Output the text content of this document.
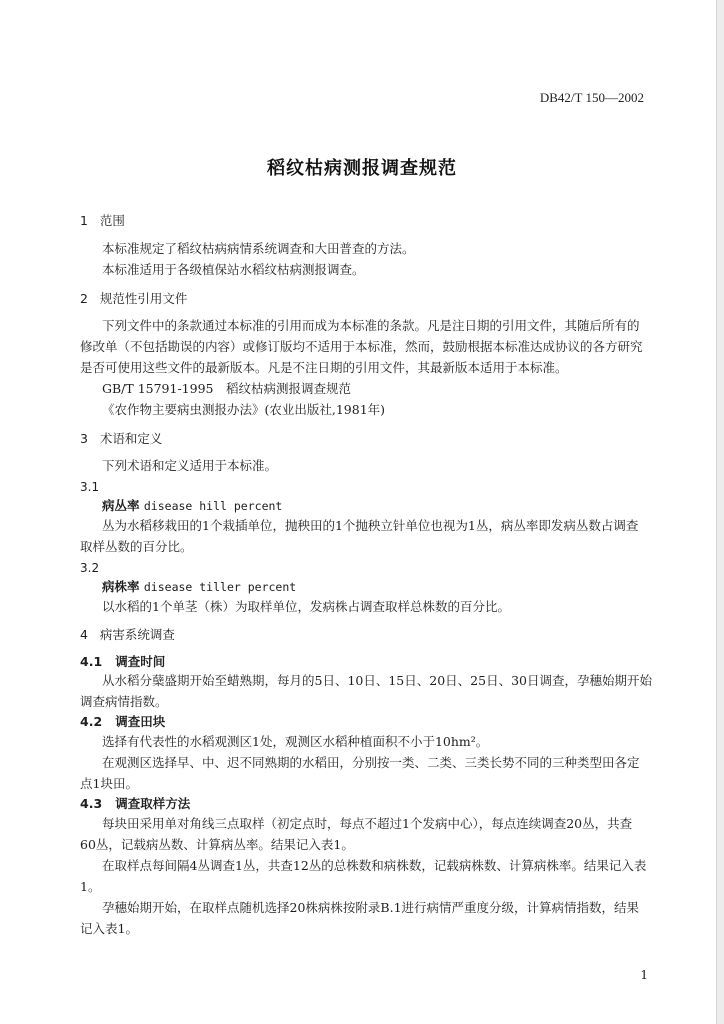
DB42/T 150—2002
稻纹枯病测报调查规范
1 范围
本标准规定了稻纹枯病病情系统调查和大田普查的方法。
本标准适用于各级植保站水稻纹枯病测报调查。
2 规范性引用文件
下列文件中的条款通过本标准的引用而成为本标准的条款。凡是注日期的引用文件，其随后所有的
修改单（不包括勘误的内容）或修订版均不适用于本标准，然而，鼓励根据本标准达成协议的各方研究
是否可使用这些文件的最新版本。凡是不注日期的引用文件，其最新版本适用于本标准。
GB/T 15791-1995　稻纹枯病测报调查规范
《农作物主要病虫测报办法》(农业出版社,1981年)
3 术语和定义
下列术语和定义适用于本标准。
3.1
病丛率 disease hill percent
丛为水稻移栽田的1个栽插单位，抛秧田的1个抛秧立针单位也视为1丛，病丛率即发病丛数占调查
取样丛数的百分比。
3.2
病株率 disease tiller percent
以水稻的1个单茎（株）为取样单位，发病株占调查取样总株数的百分比。
4 病害系统调查
4.1 调查时间
从水稻分蘖盛期开始至蜡熟期，每月的5日、10日、15日、20日、25日、30日调查，孕穗始期开始
调查病情指数。
4.2 调查田块
选择有代表性的水稻观测区1处，观测区水稻种植面积不小于10hm²。
在观测区选择早、中、迟不同熟期的水稻田，分别按一类、二类、三类长势不同的三种类型田各定
点1块田。
4.3 调查取样方法
每块田采用单对角线三点取样（初定点时，每点不超过1个发病中心），每点连续调查20丛，共查
60丛，记载病丛数、计算病丛率。结果记入表1。
在取样点每间隔4丛调查1丛，共查12丛的总株数和病株数，记载病株数、计算病株率。结果记入表
1。
孕穗始期开始，在取样点随机选择20株病株按附录B.1进行病情严重度分级，计算病情指数，结果
记入表1。
1
